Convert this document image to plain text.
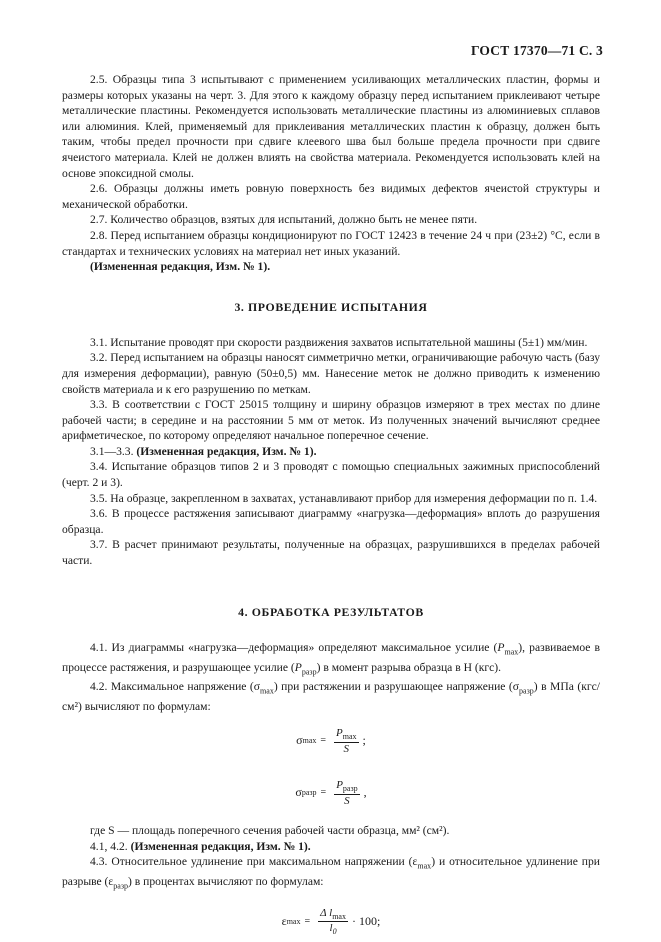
ГОСТ 17370—71 С. 3

2.5. Образцы типа 3 испытывают с применением усиливающих металлических пластин, формы и размеры которых указаны на черт. 3. Для этого к каждому образцу перед испытанием приклеивают четыре металлические пластины. Рекомендуется использовать металлические пластины из алюминиевых сплавов или алюминия. Клей, применяемый для приклеивания металлических пластин к образцу, должен быть таким, чтобы предел прочности при сдвиге клеевого шва был больше предела прочности при сдвиге ячеистого материала. Клей не должен влиять на свойства материала. Рекомендуется использовать клей на основе эпоксидной смолы.

2.6. Образцы должны иметь ровную поверхность без видимых дефектов ячеистой структуры и механической обработки.

2.7. Количество образцов, взятых для испытаний, должно быть не менее пяти.

2.8. Перед испытанием образцы кондиционируют по ГОСТ 12423 в течение 24 ч при (23±2) °С, если в стандартах и технических условиях на материал нет иных указаний.

(Измененная редакция, Изм. № 1).

3. ПРОВЕДЕНИЕ ИСПЫТАНИЯ

3.1. Испытание проводят при скорости раздвижения захватов испытательной машины (5±1) мм/мин.

3.2. Перед испытанием на образцы наносят симметрично метки, ограничивающие рабочую часть (базу для измерения деформации), равную (50±0,5) мм. Нанесение меток не должно приводить к изменению свойств материала и к его разрушению по меткам.

3.3. В соответствии с ГОСТ 25015 толщину и ширину образцов измеряют в трех местах по длине рабочей части; в середине и на расстоянии 5 мм от меток. Из полученных значений вычисляют среднее арифметическое, по которому определяют начальное поперечное сечение.

3.1—3.3. (Измененная редакция, Изм. № 1).

3.4. Испытание образцов типов 2 и 3 проводят с помощью специальных зажимных приспособлений (черт. 2 и 3).

3.5. На образце, закрепленном в захватах, устанавливают прибор для измерения деформации по п. 1.4.

3.6. В процессе растяжения записывают диаграмму «нагрузка—деформация» вплоть до разрушения образца.

3.7. В расчет принимают результаты, полученные на образцах, разрушившихся в пределах рабочей части.

4. ОБРАБОТКА РЕЗУЛЬТАТОВ

4.1. Из диаграммы «нагрузка—деформация» определяют максимальное усилие $(P_{max})$, развиваемое в процессе растяжения, и разрушающее усилие $(P_{разр})$ в момент разрыва образца в Н (кгс).

4.2. Максимальное напряжение $(\sigma_{max})$ при растяжении и разрушающее напряжение $(\sigma_{разр})$ в МПа (кгс/см²) вычисляют по формулам:

σ $\max = \frac{P_{max}}{S}$ ;
σ разр = $\frac{P_{разр}}{S}$ ,

где S — площадь поперечного сечения рабочей части образца, мм² (см²).

4.1, 4.2. (Измененная редакция, Изм. № 1).

4.3. Относительное удлинение при максимальном напряжении $(\varepsilon_{max})$ и относительное удлинение при разрыве $(\varepsilon_{разр})$ в процентах вычисляют по формулам:

ε $\max = \frac{\Delta l_{max}}{l_0} \cdot 100$;
